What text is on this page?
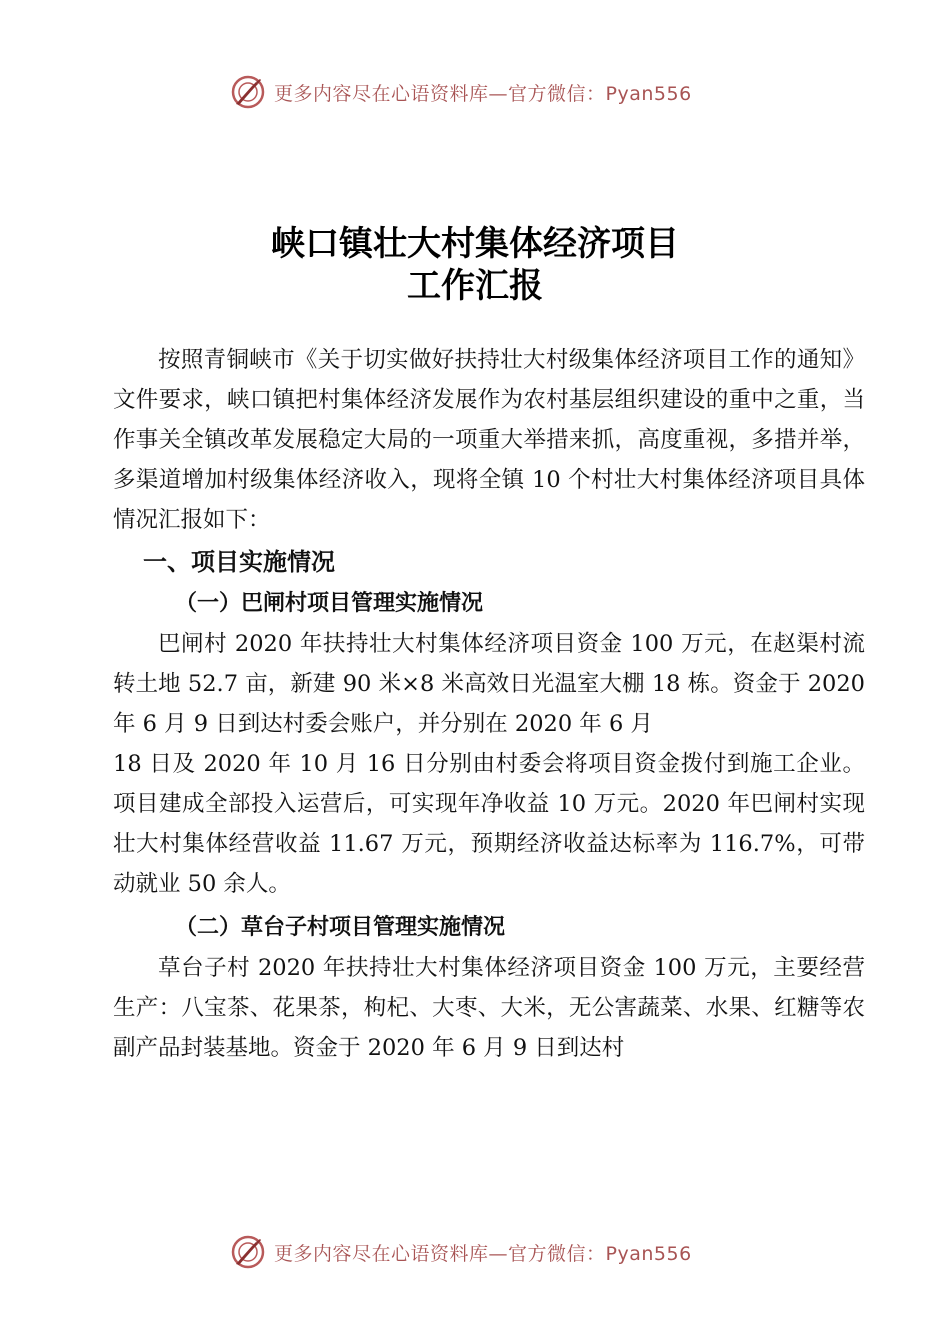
更多内容尽在心语资料库—官方微信：Pyan556
峡口镇壮大村集体经济项目
工作汇报

按照青铜峡市《关于切实做好扶持壮大村级集体经济项目工作的通知》文件要求，峡口镇把村集体经济发展作为农村基层组织建设的重中之重，当作事关全镇改革发展稳定大局的一项重大举措来抓，高度重视，多措并举，多渠道增加村级集体经济收入，现将全镇 10 个村壮大村集体经济项目具体情况汇报如下：

一、项目实施情况

（一）巴闸村项目管理实施情况

巴闸村 2020 年扶持壮大村集体经济项目资金 100 万元，在赵渠村流转土地 52.7 亩，新建 90 米×8 米高效日光温室大棚 18 栋。资金于 2020 年 6 月 9 日到达村委会账户，并分别在 2020 年 6 月

18 日及 2020 年 10 月 16 日分别由村委会将项目资金拨付到施工企业。项目建成全部投入运营后，可实现年净收益 10 万元。2020 年巴闸村实现壮大村集体经营收益 11.67 万元，预期经济收益达标率为 116.7%，可带动就业 50 余人。

（二）草台子村项目管理实施情况

草台子村 2020 年扶持壮大村集体经济项目资金 100 万元，主要经营生产：八宝茶、花果茶，枸杞、大枣、大米，无公害蔬菜、水果、红糖等农副产品封装基地。资金于 2020 年 6 月 9 日到达村

更多内容尽在心语资料库—官方微信：Pyan556
